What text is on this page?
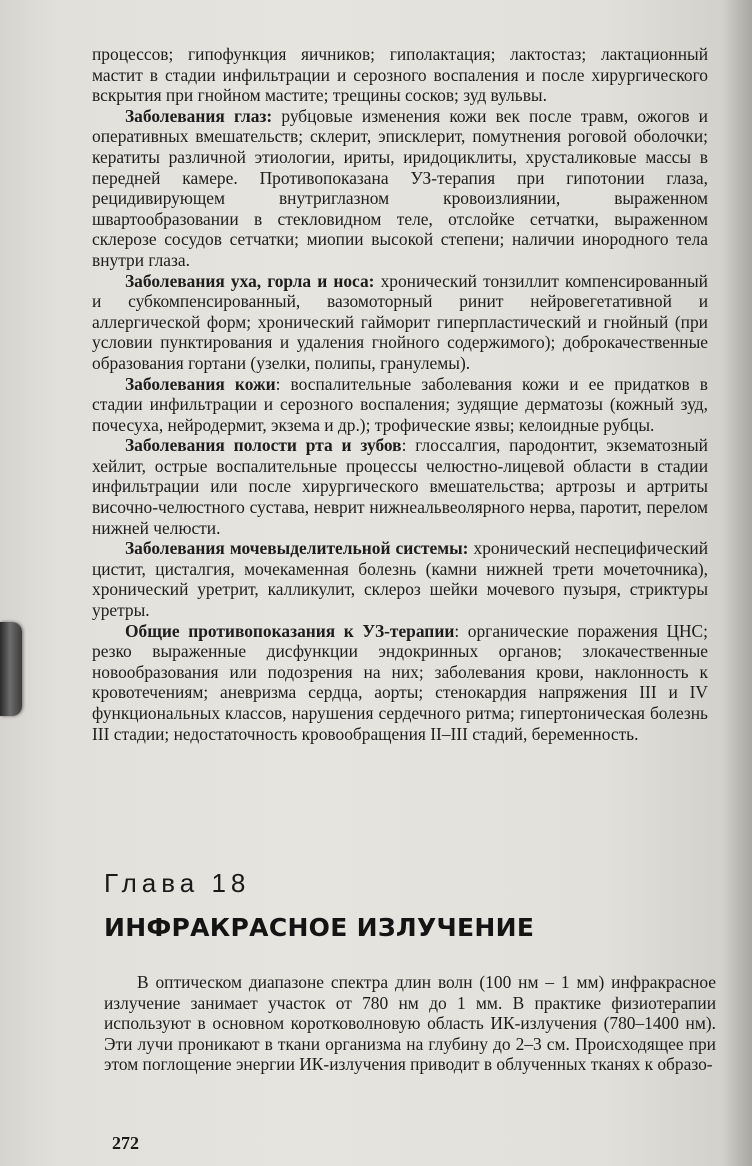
процессов; гипофункция яичников; гиполактация; лактостаз; лактационный мастит в стадии инфильтрации и серозного воспаления и после хирургического вскрытия при гнойном мастите; трещины сосков; зуд вульвы.

Заболевания глаз: рубцовые изменения кожи век после травм, ожогов и оперативных вмешательств; склерит, эписклерит, помутнения роговой оболочки; кератиты различной этиологии, ириты, иридоциклиты, хрусталиковые массы в передней камере. Противопоказана УЗ-терапия при гипотонии глаза, рецидивирующем внутриглазном кровоизлиянии, выраженном швартообразовании в стекловидном теле, отслойке сетчатки, выраженном склерозе сосудов сетчатки; миопии высокой степени; наличии инородного тела внутри глаза.

Заболевания уха, горла и носа: хронический тонзиллит компенсированный и субкомпенсированный, вазомоторный ринит нейровегетативной и аллергической форм; хронический гайморит гиперпластический и гнойный (при условии пунктирования и удаления гнойного содержимого); доброкачественные образования гортани (узелки, полипы, гранулемы).

Заболевания кожи: воспалительные заболевания кожи и ее придатков в стадии инфильтрации и серозного воспаления; зудящие дерматозы (кожный зуд, почесуха, нейродермит, экзема и др.); трофические язвы; келоидные рубцы.

Заболевания полости рта и зубов: глоссалгия, пародонтит, экзематозный хейлит, острые воспалительные процессы челюстно-лицевой области в стадии инфильтрации или после хирургического вмешательства; артрозы и артриты височно-челюстного сустава, неврит нижнеальвеолярного нерва, паротит, перелом нижней челюсти.

Заболевания мочевыделительной системы: хронический неспецифический цистит, цисталгия, мочекаменная болезнь (камни нижней трети мочеточника), хронический уретрит, калликулит, склероз шейки мочевого пузыря, стриктуры уретры.

Общие противопоказания к УЗ-терапии: органические поражения ЦНС; резко выраженные дисфункции эндокринных органов; злокачественные новообразования или подозрения на них; заболевания крови, наклонность к кровотечениям; аневризма сердца, аорты; стенокардия напряжения III и IV функциональных классов, нарушения сердечного ритма; гипертоническая болезнь III стадии; недостаточность кровообращения II–III стадий, беременность.

Глава 18
ИНФРАКРАСНОЕ ИЗЛУЧЕНИЕ

В оптическом диапазоне спектра длин волн (100 нм – 1 мм) инфракрасное излучение занимает участок от 780 нм до 1 мм. В практике физиотерапии используют в основном коротковолновую область ИК-излучения (780–1400 нм). Эти лучи проникают в ткани организма на глубину до 2–3 см. Происходящее при этом поглощение энергии ИК-излучения приводит в облученных тканях к образо-

272
